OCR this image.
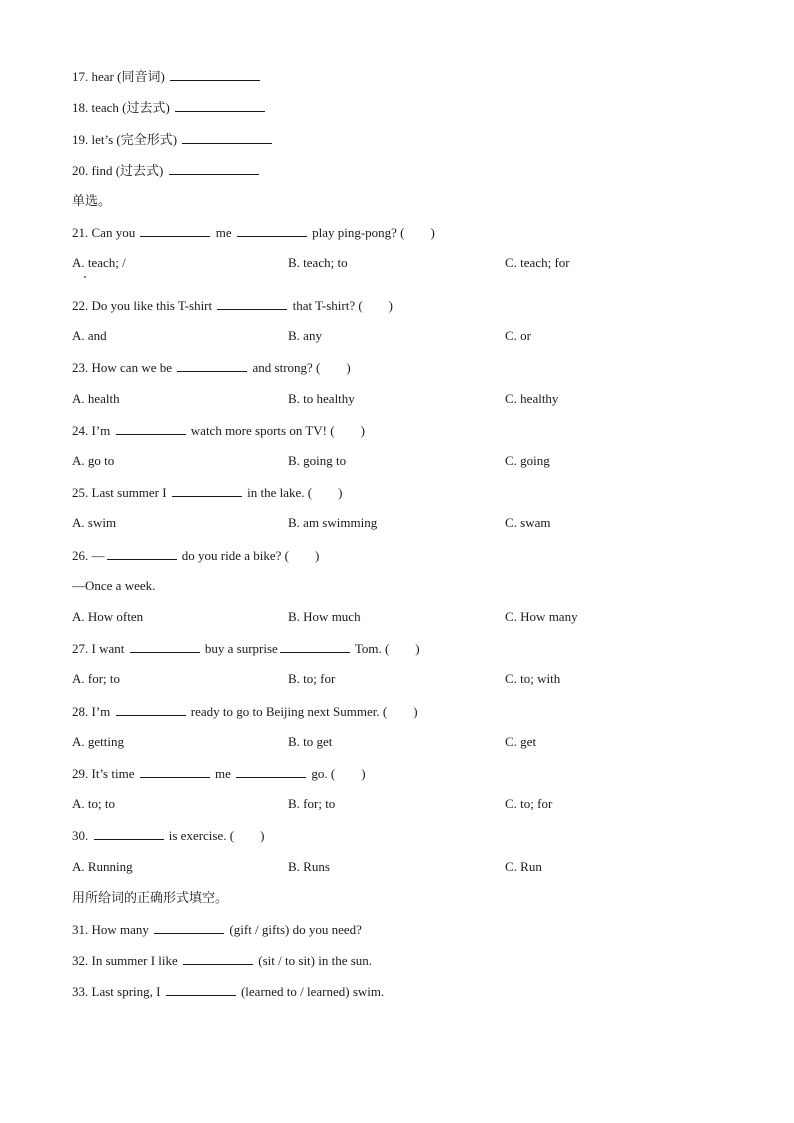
17. hear (同音词)
18. teach (过去式)
19. let’s (完全形式)
20. find (过去式)
单选。
21. Can you	me	play ping-pong? ( )
A. teach; /	B. teach; to	C. teach; for
22. Do you like this T-shirt	that T-shirt? ( )
A. and	B. any	C. or
23. How can we be	and strong? ( )
A. health	B. to healthy	C. healthy
24. I’m	watch more sports on TV! ( )
A. go to	B. going to	C. going
25. Last summer I	in the lake. ( )
A. swim	B. am swimming	C. swam
26. —	do you ride a bike? ( )
—Once a week.
A. How often	B. How much	C. How many
27. I want	buy a surprise	Tom. ( )
A. for; to	B. to; for	C. to; with
28. I’m	ready to go to Beijing next Summer. ( )
A. getting	B. to get	C. get
29. It’s time	me	go. ( )
A. to; to	B. for; to	C. to; for
30.	is exercise. ( )
A. Running	B. Runs	C. Run
用所给词的正确形式填空。
31. How many	(gift / gifts) do you need?
32. In summer I like	(sit / to sit) in the sun.
33. Last spring, I	(learned to / learned) swim.
